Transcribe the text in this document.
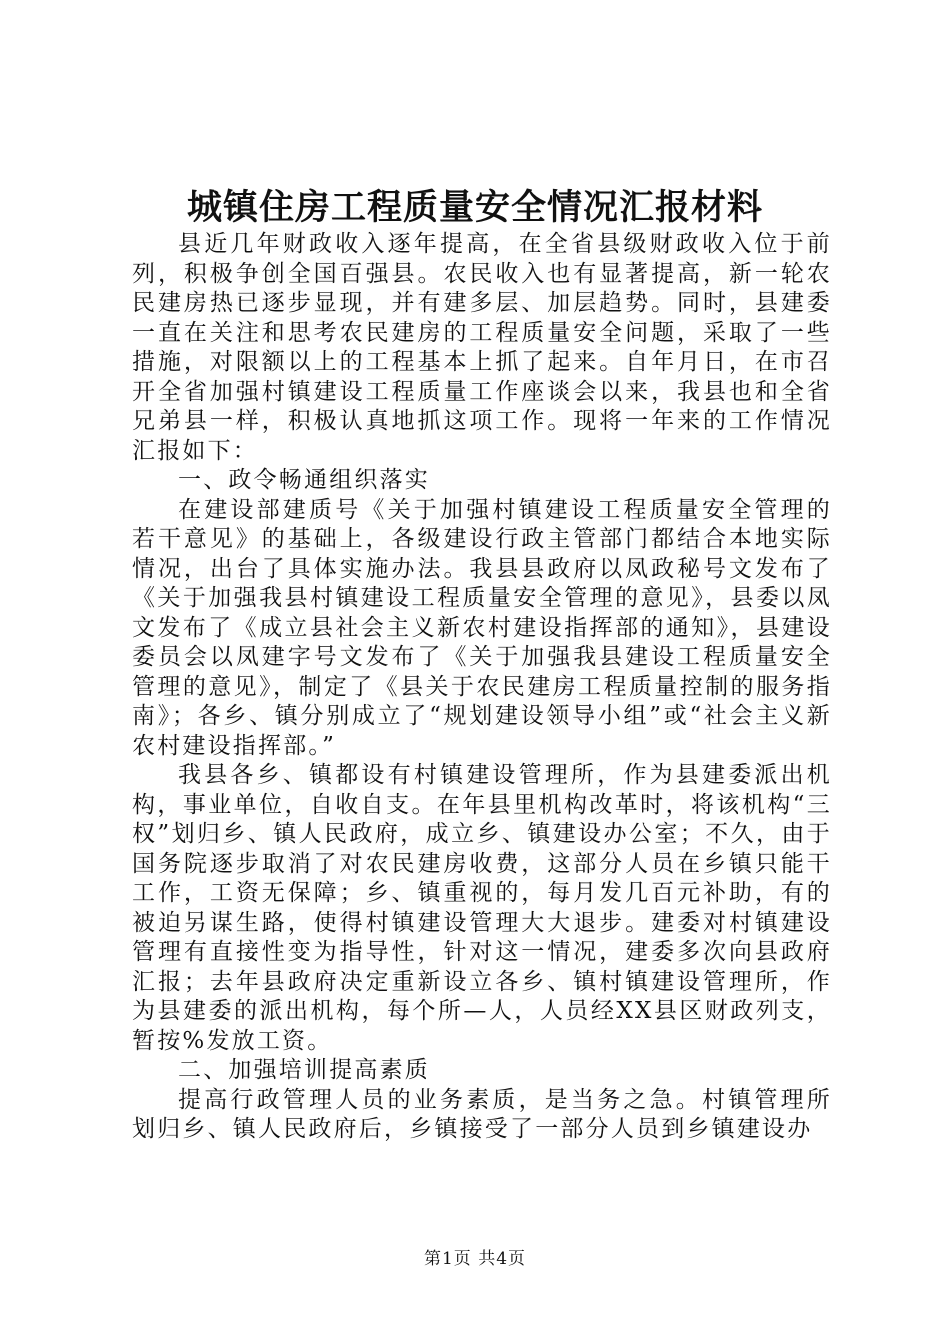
城镇住房工程质量安全情况汇报材料

县近几年财政收入逐年提高，在全省县级财政收入位于前列，积极争创全国百强县。农民收入也有显著提高，新一轮农民建房热已逐步显现，并有建多层、加层趋势。同时，县建委一直在关注和思考农民建房的工程质量安全问题，采取了一些措施，对限额以上的工程基本上抓了起来。自年月日，在市召开全省加强村镇建设工程质量工作座谈会以来，我县也和全省兄弟县一样，积极认真地抓这项工作。现将一年来的工作情况汇报如下：

一、政令畅通组织落实

在建设部建质号《关于加强村镇建设工程质量安全管理的若干意见》的基础上，各级建设行政主管部门都结合本地实际情况，出台了具体实施办法。我县县政府以凤政秘号文发布了《关于加强我县村镇建设工程质量安全管理的意见》，县委以凤文发布了《成立县社会主义新农村建设指挥部的通知》，县建设委员会以凤建字号文发布了《关于加强我县建设工程质量安全管理的意见》，制定了《县关于农民建房工程质量控制的服务指南》；各乡、镇分别成立了“规划建设领导小组”或“社会主义新农村建设指挥部。”

我县各乡、镇都设有村镇建设管理所，作为县建委派出机构，事业单位，自收自支。在年县里机构改革时，将该机构“三权”划归乡、镇人民政府，成立乡、镇建设办公室；不久，由于国务院逐步取消了对农民建房收费，这部分人员在乡镇只能干工作，工资无保障；乡、镇重视的，每月发几百元补助，有的被迫另谋生路，使得村镇建设管理大大退步。建委对村镇建设管理有直接性变为指导性，针对这一情况，建委多次向县政府汇报；去年县政府决定重新设立各乡、镇村镇建设管理所，作为县建委的派出机构，每个所—人，人员经XX县区财政列支，暂按%发放工资。

二、加强培训提高素质

提高行政管理人员的业务素质，是当务之急。村镇管理所划归乡、镇人民政府后，乡镇接受了一部分人员到乡镇建设办

第1页 共4页
